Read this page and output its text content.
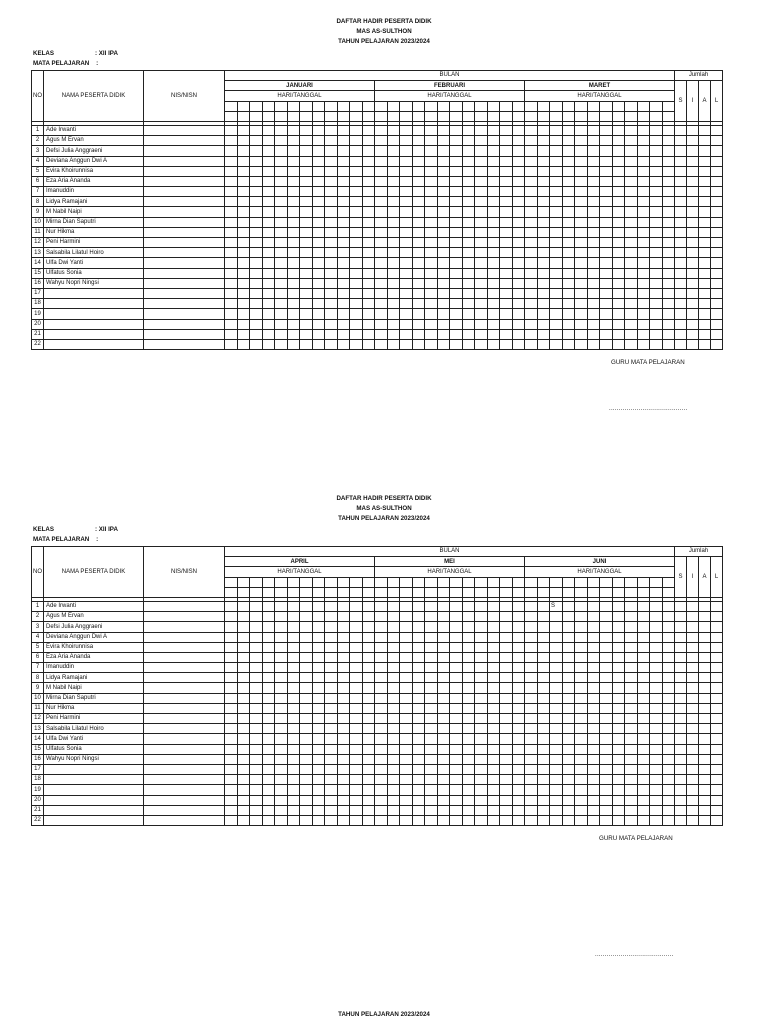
DAFTAR HADIR PESERTA DIDIK
MAS AS-SULTHON
TAHUN PELAJARAN 2023/2024
KELAS	: XII IPA
MATA PELAJARAN :
NO	NAMA PESERTA DIDIK	NIS/NISN	BULAN																																				Jumlah			
			JANUARI												FEBRUARI												MARET												S	I	A	L
			HARI/TANGGAL												HARI/TANGGAL												HARI/TANGGAL															

1	Ade Irwanti																																									
2	Agus M Ervan																																									
3	Defsi Julia Anggraeni																																									
4	Deviana Anggun Dwi A																																									
5	Evira Khoirunnisa																																									
6	Eza Aria Ananda																																									
7	Imanuddin																																									
8	Lidya Ramajani																																									
9	M Nabil Naipi																																									
10	Mirna Dian Saputri																																									
11	Nur Hikma																																									
12	Peni Harmini																																									
13	Salsabila Lilatul Hoiro																																									
14	Ulfa Dwi Yanti																																									
15	Ulfatus Sonia																																									
16	Wahyu Nopri Ningsi																																									
17																																										
18																																										
19																																										
20																																										
21																																										
22																																										
GURU MATA PELAJARAN
........................................
DAFTAR HADIR PESERTA DIDIK
MAS AS-SULTHON
TAHUN PELAJARAN 2023/2024
KELAS	: XII IPA
MATA PELAJARAN :
NO	NAMA PESERTA DIDIK	NIS/NISN	BULAN																																				Jumlah			
			APRIL												MEI												JUNI												S	I	A	L
			HARI/TANGGAL												HARI/TANGGAL												HARI/TANGGAL															

1	Ade Irwanti																												S													
2	Agus M Ervan																																									
3	Defsi Julia Anggraeni																																									
4	Deviana Anggun Dwi A																																									
5	Evira Khoirunnisa																																									
6	Eza Aria Ananda																																									
7	Imanuddin																																									
8	Lidya Ramajani																																									
9	M Nabil Naipi																																									
10	Mirna Dian Saputri																																									
11	Nur Hikma																																									
12	Peni Harmini																																									
13	Salsabila Lilatul Hoiro																																									
14	Ulfa Dwi Yanti																																									
15	Ulfatus Sonia																																									
16	Wahyu Nopri Ningsi																																									
17																																										
18																																										
19																																										
20																																										
21																																										
22																																										
GURU MATA PELAJARAN
........................................
TAHUN PELAJARAN 2023/2024
